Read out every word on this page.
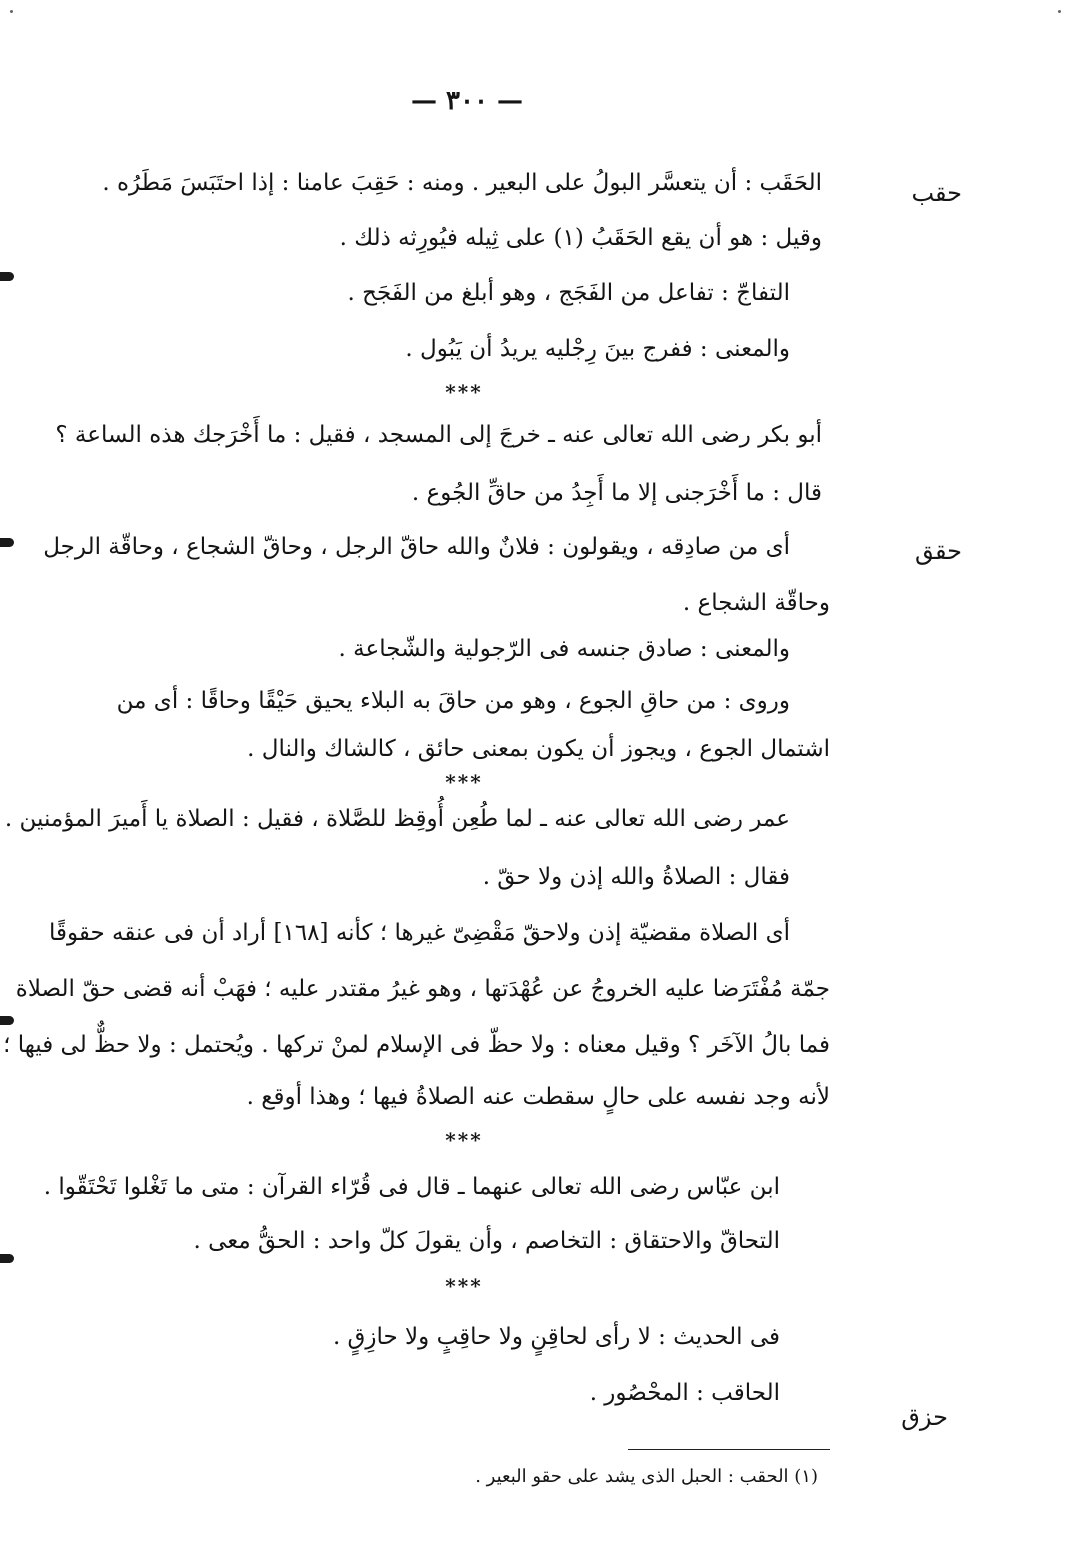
— ٣٠٠ —
حقب
حقق
حزق
***
***
***
***
الحَقَب : أن يتعسَّر البولُ على البعير . ومنه : حَقِبَ عامنا : إذا احتَبَسَ مَطَرُه .
وقيل : هو أن يقع الحَقَبُ (١) على ثِيله فيُورِثه ذلك .
التفاجّ : تفاعل من الفَجَج ، وهو أبلغ من الفَجَح .
والمعنى : ففرج بينَ رِجْليه يريدُ أن يَبُول .
أبو بكر رضى الله تعالى عنه ـ خرجَ إلى المسجد ، فقيل : ما أَخْرَجك هذه الساعة ؟
قال : ما أَخْرَجنى إلا ما أَجِدُ من حاقِّ الجُوع .
أى من صادِقه ، ويقولون : فلانٌ والله حاقّ الرجل ، وحاقّ الشجاع ، وحاقّة الرجل
وحاقّة الشجاع .
والمعنى : صادق جنسه فى الرّجولية والشّجاعة .
وروى : من حاقِ الجوع ، وهو من حاقَ به البلاء يحيق حَيْقًا وحاقًا : أى من
اشتمال الجوع ، ويجوز أن يكون بمعنى حائق ، كالشاك والنال .
عمر رضى الله تعالى عنه ـ لما طُعِن أُوقِظ للصَّلاة ، فقيل : الصلاة يا أَميرَ المؤمنين .
فقال : الصلاةُ والله إذن ولا حقّ .
أى الصلاة مقضيّة إذن ولاحقّ مَقْضِىّ غيرها ؛ كأنه [١٦٨] أراد أن فى عنقه حقوقًا
جمّة مُفْتَرَضا عليه الخروجُ عن عُهْدَتها ، وهو غيرُ مقتدر عليه ؛ فهَبْ أنه قضى حقّ الصلاة
فما بالُ الآخَر ؟ وقيل معناه : ولا حظّ فى الإسلام لمنْ تركها . ويُحتمل : ولا حظٌّ لى فيها ؛
لأنه وجد نفسه على حالٍ سقطت عنه الصلاةُ فيها ؛ وهذا أوقع .
ابن عبّاس رضى الله تعالى عنهما ـ قال فى قُرّاء القرآن : متى ما تَغْلوا تَحْتَقّوا .
التحاقّ والاحتقاق : التخاصم ، وأن يقولَ كلّ واحد : الحقُّ معى .
فى الحديث : لا رأى لحاقِنٍ ولا حاقِبٍ ولا حازِقٍ .
الحاقب : المحْصُور .
(١) الحقب : الحبل الذى يشد على حقو البعير .
